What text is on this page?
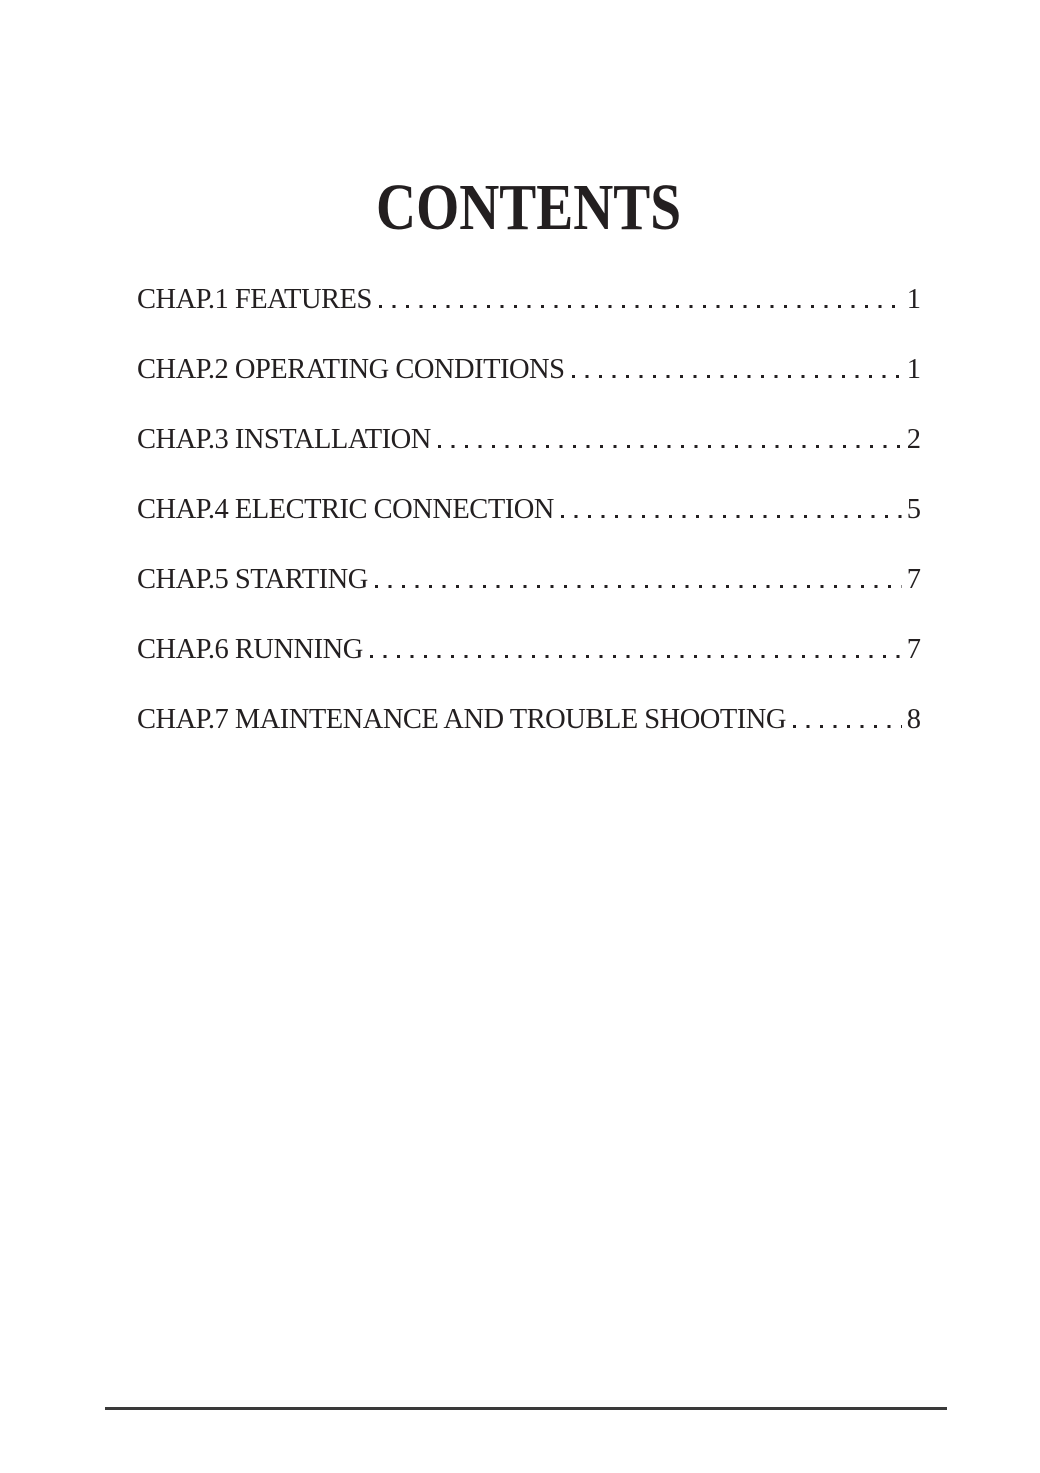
CONTENTS
CHAP.1 FEATURES	1
CHAP.2 OPERATING CONDITIONS	1
CHAP.3 INSTALLATION	2
CHAP.4 ELECTRIC CONNECTION	5
CHAP.5 STARTING	7
CHAP.6 RUNNING	7
CHAP.7 MAINTENANCE AND TROUBLE SHOOTING	8
